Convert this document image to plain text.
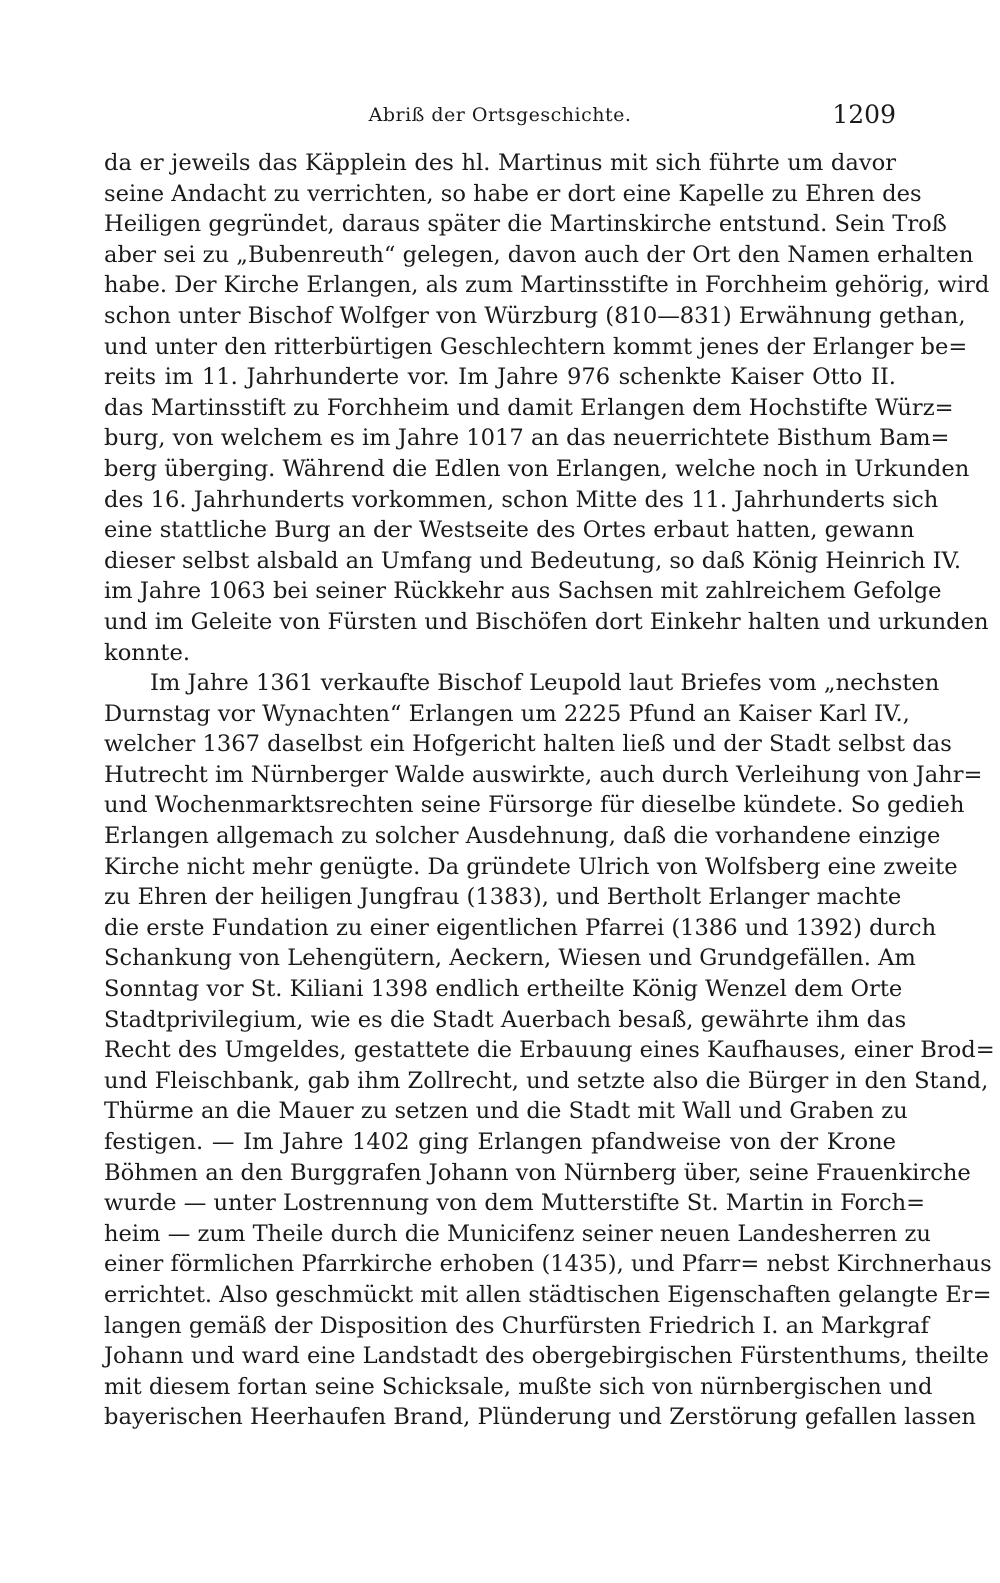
Abriß der Ortsgeschichte.	1209
da er jeweils das Käpplein des hl. Martinus mit sich führte um davor
seine Andacht zu verrichten, so habe er dort eine Kapelle zu Ehren des
Heiligen gegründet, daraus später die Martinskirche entstund. Sein Troß
aber sei zu „Bubenreuth“ gelegen, davon auch der Ort den Namen erhalten
habe. Der Kirche Erlangen, als zum Martinsstifte in Forchheim gehörig, wird
schon unter Bischof Wolfger von Würzburg (810—831) Erwähnung gethan,
und unter den ritterbürtigen Geschlechtern kommt jenes der Erlanger be=
reits im 11. Jahrhunderte vor. Im Jahre 976 schenkte Kaiser Otto II.
das Martinsstift zu Forchheim und damit Erlangen dem Hochstifte Würz=
burg, von welchem es im Jahre 1017 an das neuerrichtete Bisthum Bam=
berg überging. Während die Edlen von Erlangen, welche noch in Urkunden
des 16. Jahrhunderts vorkommen, schon Mitte des 11. Jahrhunderts sich
eine stattliche Burg an der Westseite des Ortes erbaut hatten, gewann
dieser selbst alsbald an Umfang und Bedeutung, so daß König Heinrich IV.
im Jahre 1063 bei seiner Rückkehr aus Sachsen mit zahlreichem Gefolge
und im Geleite von Fürsten und Bischöfen dort Einkehr halten und urkunden
konnte.
Im Jahre 1361 verkaufte Bischof Leupold laut Briefes vom „nechsten
Durnstag vor Wynachten“ Erlangen um 2225 Pfund an Kaiser Karl IV.,
welcher 1367 daselbst ein Hofgericht halten ließ und der Stadt selbst das
Hutrecht im Nürnberger Walde auswirkte, auch durch Verleihung von Jahr=
und Wochenmarktsrechten seine Fürsorge für dieselbe kündete. So gedieh
Erlangen allgemach zu solcher Ausdehnung, daß die vorhandene einzige
Kirche nicht mehr genügte. Da gründete Ulrich von Wolfsberg eine zweite
zu Ehren der heiligen Jungfrau (1383), und Bertholt Erlanger machte
die erste Fundation zu einer eigentlichen Pfarrei (1386 und 1392) durch
Schankung von Lehengütern, Aeckern, Wiesen und Grundgefällen. Am
Sonntag vor St. Kiliani 1398 endlich ertheilte König Wenzel dem Orte
Stadtprivilegium, wie es die Stadt Auerbach besaß, gewährte ihm das
Recht des Umgeldes, gestattete die Erbauung eines Kaufhauses, einer Brod=
und Fleischbank, gab ihm Zollrecht, und setzte also die Bürger in den Stand,
Thürme an die Mauer zu setzen und die Stadt mit Wall und Graben zu
festigen. — Im Jahre 1402 ging Erlangen pfandweise von der Krone
Böhmen an den Burggrafen Johann von Nürnberg über, seine Frauenkirche
wurde — unter Lostrennung von dem Mutterstifte St. Martin in Forch=
heim — zum Theile durch die Municifenz seiner neuen Landesherren zu
einer förmlichen Pfarrkirche erhoben (1435), und Pfarr= nebst Kirchnerhaus
errichtet. Also geschmückt mit allen städtischen Eigenschaften gelangte Er=
langen gemäß der Disposition des Churfürsten Friedrich I. an Markgraf
Johann und ward eine Landstadt des obergebirgischen Fürstenthums, theilte
mit diesem fortan seine Schicksale, mußte sich von nürnbergischen und
bayerischen Heerhaufen Brand, Plünderung und Zerstörung gefallen lassen
